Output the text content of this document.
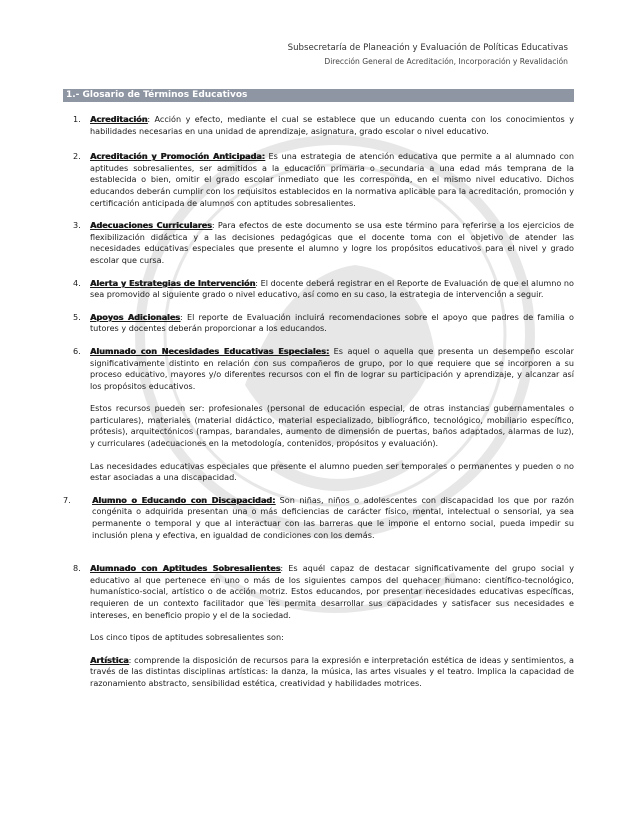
Subsecretaría de Planeación y Evaluación de Políticas Educativas
Dirección General de Acreditación, Incorporación y Revalidación
1.- Glosario de Términos Educativos
1. Acreditación: Acción y efecto, mediante el cual se establece que un educando cuenta con los conocimientos y habilidades necesarias en una unidad de aprendizaje, asignatura, grado escolar o nivel educativo.
2. Acreditación y Promoción Anticipada: Es una estrategia de atención educativa que permite a al alumnado con aptitudes sobresalientes, ser admitidos a la educación primaria o secundaria a una edad más temprana de la establecida o bien, omitir el grado escolar inmediato que les corresponda, en el mismo nivel educativo. Dichos educandos deberán cumplir con los requisitos establecidos en la normativa aplicable para la acreditación, promoción y certificación anticipada de alumnos con aptitudes sobresalientes.
3. Adecuaciones Curriculares: Para efectos de este documento se usa este término para referirse a los ejercicios de flexibilización didáctica y a las decisiones pedagógicas que el docente toma con el objetivo de atender las necesidades educativas especiales que presente el alumno y logre los propósitos educativos para el nivel y grado escolar que cursa.
4. Alerta y Estrategias de Intervención: El docente deberá registrar en el Reporte de Evaluación de que el alumno no sea promovido al siguiente grado o nivel educativo, así como en su caso, la estrategia de intervención a seguir.
5. Apoyos Adicionales: El reporte de Evaluación incluirá recomendaciones sobre el apoyo que padres de familia o tutores y docentes deberán proporcionar a los educandos.
6. Alumnado con Necesidades Educativas Especiales: Es aquel o aquella que presenta un desempeño escolar significativamente distinto en relación con sus compañeros de grupo, por lo que requiere que se incorporen a su proceso educativo, mayores y/o diferentes recursos con el fin de lograr su participación y aprendizaje, y alcanzar así los propósitos educativos.
Estos recursos pueden ser: profesionales (personal de educación especial, de otras instancias gubernamentales o particulares), materiales (material didáctico, material especializado, bibliográfico, tecnológico, mobiliario específico, prótesis), arquitectónicos (rampas, barandales, aumento de dimensión de puertas, baños adaptados, alarmas de luz), y curriculares (adecuaciones en la metodología, contenidos, propósitos y evaluación).
Las necesidades educativas especiales que presente el alumno pueden ser temporales o permanentes y pueden o no estar asociadas a una discapacidad.
7.	Alumno o Educando con Discapacidad: Son niñas, niños o adolescentes con discapacidad los que por razón congénita o adquirida presentan una o más deficiencias de carácter físico, mental, intelectual o sensorial, ya sea permanente o temporal y que al interactuar con las barreras que le impone el entorno social, pueda impedir su inclusión plena y efectiva, en igualdad de condiciones con los demás.
8. Alumnado con Aptitudes Sobresalientes: Es aquél capaz de destacar significativamente del grupo social y educativo al que pertenece en uno o más de los siguientes campos del quehacer humano: científico-tecnológico, humanístico-social, artístico o de acción motriz. Estos educandos, por presentar necesidades educativas específicas, requieren de un contexto facilitador que les permita desarrollar sus capacidades y satisfacer sus necesidades e intereses, en beneficio propio y el de la sociedad.
Los cinco tipos de aptitudes sobresalientes son:
Artística: comprende la disposición de recursos para la expresión e interpretación estética de ideas y sentimientos, a través de las distintas disciplinas artísticas: la danza, la música, las artes visuales y el teatro. Implica la capacidad de razonamiento abstracto, sensibilidad estética, creatividad y habilidades motrices.
